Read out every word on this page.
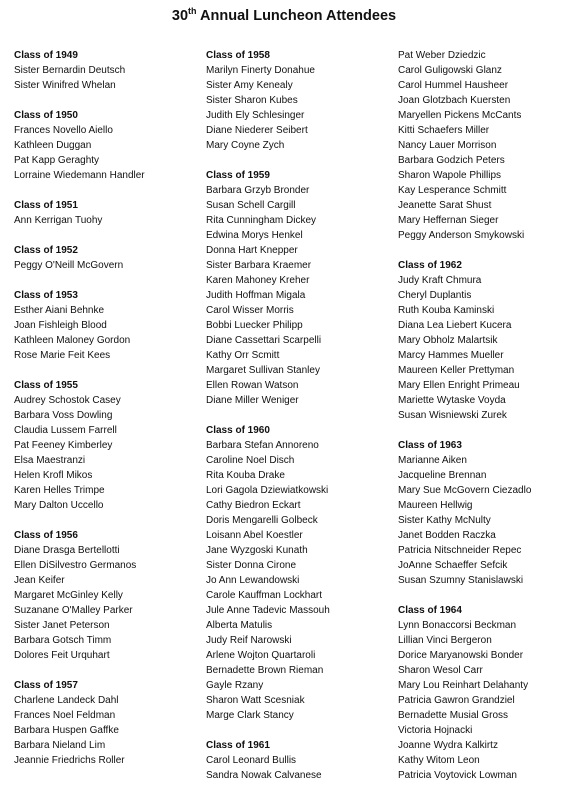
30th Annual Luncheon Attendees
Class of 1949
Sister Bernardin Deutsch
Sister Winifred Whelan
Class of 1950
Frances Novello Aiello
Kathleen Duggan
Pat Kapp Geraghty
Lorraine Wiedemann Handler
Class of 1951
Ann Kerrigan Tuohy
Class of 1952
Peggy O'Neill McGovern
Class of 1953
Esther Aiani Behnke
Joan Fishleigh Blood
Kathleen Maloney Gordon
Rose Marie Feit Kees
Class of 1955
Audrey Schostok Casey
Barbara Voss Dowling
Claudia Lussem Farrell
Pat Feeney Kimberley
Elsa Maestranzi
Helen Krofl Mikos
Karen Helles Trimpe
Mary Dalton Uccello
Class of 1956
Diane Drasga Bertellotti
Ellen DiSilvestro Germanos
Jean Keifer
Margaret McGinley Kelly
Suzanane O'Malley Parker
Sister Janet Peterson
Barbara Gotsch Timm
Dolores Feit Urquhart
Class of 1957
Charlene Landeck Dahl
Frances Noel Feldman
Barbara Huspen Gaffke
Barbara Nieland Lim
Jeannie Friedrichs Roller
Class of 1958
Marilyn Finerty Donahue
Sister Amy Kenealy
Sister Sharon Kubes
Judith Ely Schlesinger
Diane Niederer Seibert
Mary Coyne Zych
Class of 1959
Barbara Grzyb Bronder
Susan Schell Cargill
Rita Cunningham Dickey
Edwina Morys Henkel
Donna Hart Knepper
Sister Barbara Kraemer
Karen Mahoney Kreher
Judith Hoffman Migala
Carol Wisser Morris
Bobbi Luecker Philipp
Diane Cassettari Scarpelli
Kathy Orr Scmitt
Margaret Sullivan Stanley
Ellen Rowan Watson
Diane Miller Weniger
Class of 1960
Barbara Stefan Annoreno
Caroline Noel Disch
Rita Kouba Drake
Lori Gagola Dziewiatkowski
Cathy Biedron Eckart
Doris Mengarelli Golbeck
Loisann Abel Koestler
Jane Wyzgoski Kunath
Sister Donna Cirone
Jo Ann Lewandowski
Carole Kauffman Lockhart
Jule Anne Tadevic Massouh
Alberta Matulis
Judy Reif Narowski
Arlene Wojton Quartaroli
Bernadette Brown Rieman
Gayle Rzany
Sharon Watt Scesniak
Marge Clark Stancy
Class of 1961
Carol Leonard Bullis
Sandra Nowak Calvanese
Pat Weber Dziedzic
Carol Guligowski Glanz
Carol Hummel Hausheer
Joan Glotzbach Kuersten
Maryellen Pickens McCants
Kitti Schaefers Miller
Nancy Lauer Morrison
Barbara Godzich Peters
Sharon Wapole Phillips
Kay Lesperance Schmitt
Jeanette Sarat Shust
Mary Heffernan Sieger
Peggy Anderson Smykowski
Class of 1962
Judy Kraft Chmura
Cheryl Duplantis
Ruth Kouba Kaminski
Diana Lea Liebert Kucera
Mary Obholz Malartsik
Marcy Hammes Mueller
Maureen Keller Prettyman
Mary Ellen Enright Primeau
Mariette Wytaske Voyda
Susan Wisniewski Zurek
Class of 1963
Marianne Aiken
Jacqueline Brennan
Mary Sue McGovern Ciezadlo
Maureen Hellwig
Sister Kathy McNulty
Janet Bodden Raczka
Patricia Nitschneider Repec
JoAnne Schaeffer Sefcik
Susan Szumny Stanislawski
Class of 1964
Lynn Bonaccorsi Beckman
Lillian Vinci Bergeron
Dorice Maryanowski Bonder
Sharon Wesol Carr
Mary Lou Reinhart Delahanty
Patricia Gawron Grandziel
Bernadette Musial Gross
Victoria Hojnacki
Joanne Wydra Kalkirtz
Kathy Witom Leon
Patricia Voytovick Lowman
